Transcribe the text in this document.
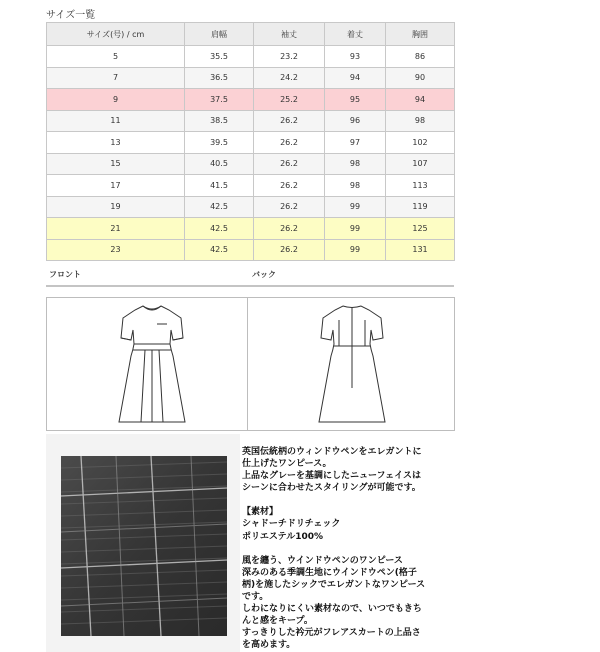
サイズ一覧
サイズ(号) / cm	肩幅	袖丈	着丈	胸囲
5	35.5	23.2	93	86
7	36.5	24.2	94	90
9	37.5	25.2	95	94
11	38.5	26.2	96	98
13	39.5	26.2	97	102
15	40.5	26.2	98	107
17	41.5	26.2	98	113
19	42.5	26.2	99	119
21	42.5	26.2	99	125
23	42.5	26.2	99	131
フロント	バック

英国伝統柄のウィンドウペンをエレガントに

仕上げたワンピース。

上品なグレーを基調にしたニューフェイスは

シーンに合わせたスタイリングが可能です。

【素材】

シャドーチドリチェック

ポリエステル100%

風を纏う、ウインドウペンのワンピース

深みのある季調生地にウインドウペン(格子

柄)を施したシックでエレガントなワンピース

です。

しわになりにくい素材なので、いつでもきち

んと感をキープ。

すっきりした衿元がフレアスカートの上品さ

を高めます。
